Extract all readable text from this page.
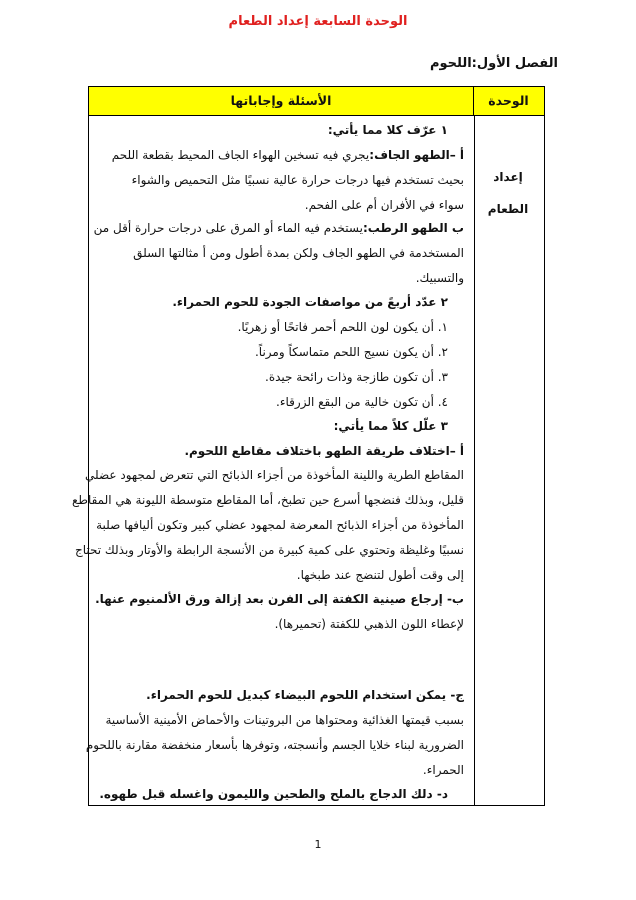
الوحدة السابعة إعداد الطعام
الفصل الأول:اللحوم
الأسئلة وإجاباتها	الوحدة
إعداد
الطعام
١ عرّف كلا مما يأتي:
أ –الطهو الجاف:يجري فيه تسخين الهواء الجاف المحيط بقطعة اللحم
بحيث تستخدم فيها درجات حرارة عالية نسبيًا مثل التحميص والشواء
سواء في الأفران أم على الفحم.
ب الطهو الرطب:يستخدم فيه الماء أو المرق على درجات حرارة أقل من
المستخدمة في الطهو الجاف ولكن بمدة أطول ومن أ مثالتها السلق
والتسبيك.
٢ عدّد أربعً من مواصفات الجودة للحوم الحمراء.
١. أن يكون لون اللحم أحمر فاتحًا أو زهريًا.
٢. أن يكون نسيج اللحم متماسكاً ومرناً.
٣. أن تكون طازجة وذات رائحة جيدة.
٤. أن تكون خالية من البقع الزرقاء.
٣ علّل كلاً مما يأتي:
أ –اختلاف طريقة الطهو باختلاف مقاطع اللحوم.
المقاطع الطرية واللينة المأخوذة من أجزاء الذبائح التي تتعرض لمجهود عضلي
قليل، وبذلك فنضجها أسرع حين تطبخ، أما المقاطع متوسطة الليونة هي المقاطع
المأخوذة من أجزاء الذبائح المعرضة لمجهود عضلي كبير وتكون أليافها صلبة
نسبيًا وغليظة وتحتوي على كمية كبيرة من الأنسجة الرابطة والأوتار وبذلك تحتاج
إلى وقت أطول لتنضج عند طبخها.
ب- إرجاع صينية الكفتة إلى الفرن بعد إزالة ورق الألمنيوم عنها.
لإعطاء اللون الذهبي للكفتة (تحميرها).
ج- يمكن استخدام اللحوم البيضاء كبديل للحوم الحمراء.
بسبب قيمتها الغذائية ومحتواها من البروتينات والأحماض الأمينية الأساسية
الضرورية لبناء خلايا الجسم وأنسجته، وتوفرها بأسعار منخفضة مقارنة باللحوم
الحمراء.
د- دلك الدجاج بالملح والطحين والليمون واغسله قبل طهوه.
1
